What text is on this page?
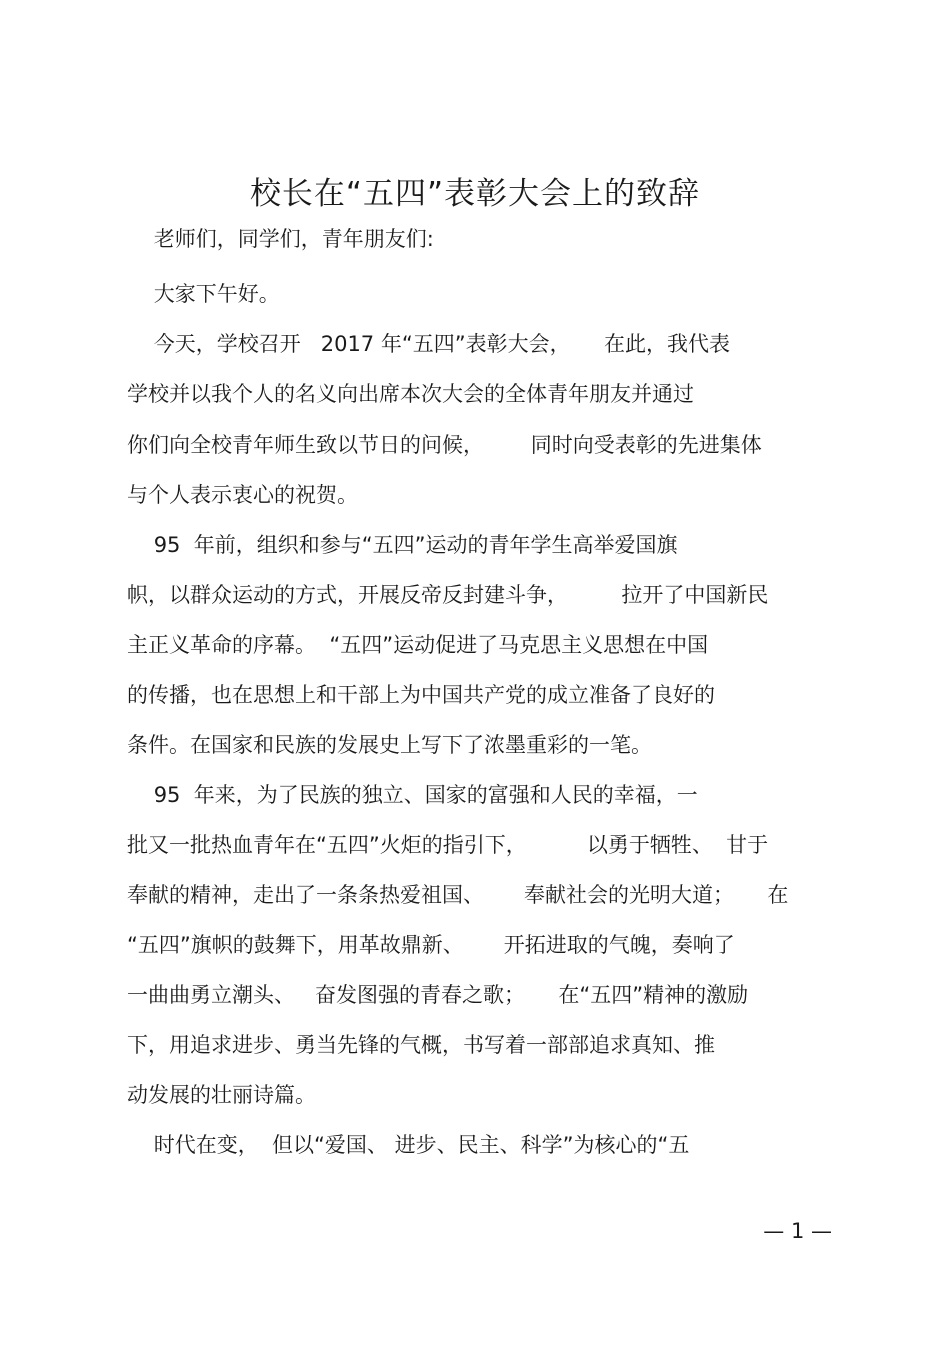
校长在“五四”表彰大会上的致辞
老师们，同学们，青年朋友们:
大家下午好。
今天，学校召开   2017 年“五四”表彰大会，     在此，我代表
学校并以我个人的名义向出席本次大会的全体青年朋友并通过
你们向全校青年师生致以节日的问候，       同时向受表彰的先进集体
与个人表示衷心的祝贺。
95  年前，组织和参与“五四”运动的青年学生高举爱国旗
帜，以群众运动的方式，开展反帝反封建斗争，        拉开了中国新民
主正义革命的序幕。  “五四”运动促进了马克思主义思想在中国
的传播，也在思想上和干部上为中国共产党的成立准备了良好的
条件。在国家和民族的发展史上写下了浓墨重彩的一笔。
95  年来，为了民族的独立、国家的富强和人民的幸福，一
批又一批热血青年在“五四”火炬的指引下，         以勇于牺牲、  甘于
奉献的精神，走出了一条条热爱祖国、      奉献社会的光明大道；     在
“五四”旗帜的鼓舞下，用革故鼎新、      开拓进取的气魄，奏响了
一曲曲勇立潮头、   奋发图强的青春之歌；     在“五四”精神的激励
下，用追求进步、勇当先锋的气概，书写着一部部追求真知、推
动发展的壮丽诗篇。
时代在变，  但以“爱国、 进步、民主、科学”为核心的“五
— 1 —
